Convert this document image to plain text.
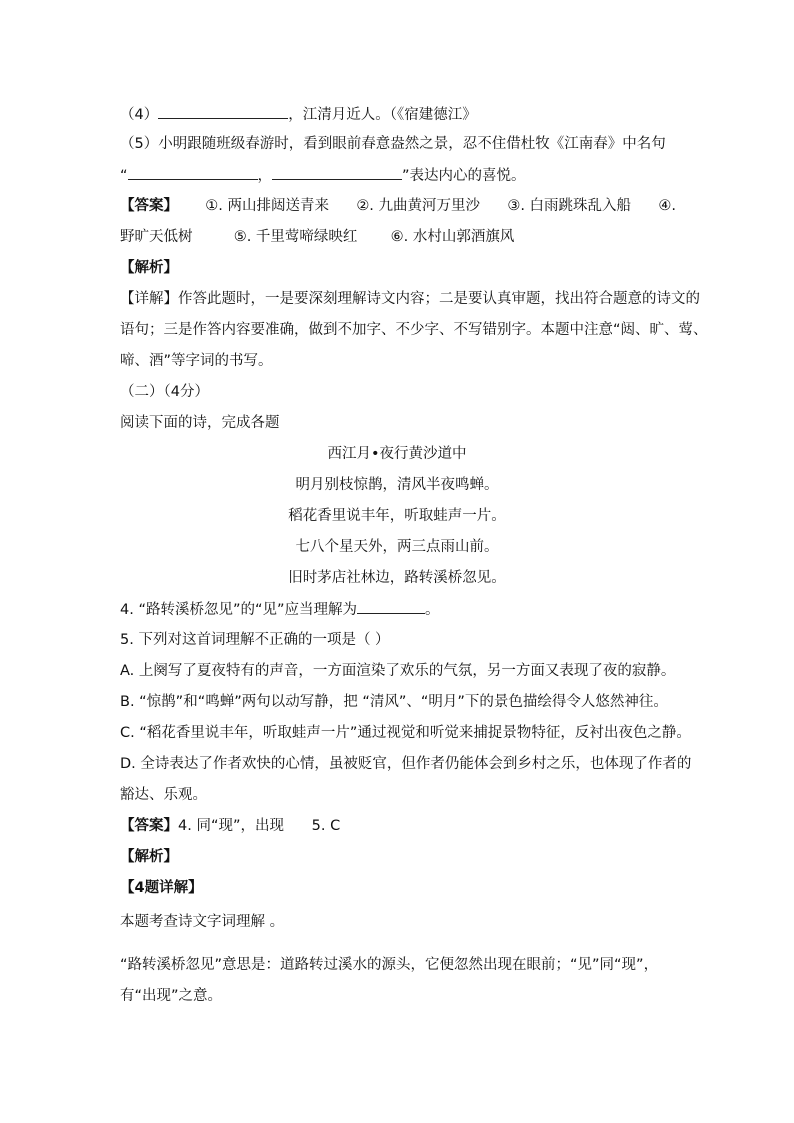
（4）	，江清月近人。（《宿建德江》
（5）小明跟随班级春游时，看到眼前春意盎然之景，忍不住借杜牧《江南春》中名句
“	，	”表达内心的喜悦。
【答案】 ①. 两山排闼送青来 ②. 九曲黄河万里沙 ③. 白雨跳珠乱入船 ④.
野旷天低树	⑤. 千里莺啼绿映红 ⑥. 水村山郭酒旗风
【解析】
【详解】作答此题时，一是要深刻理解诗文内容；二是要认真审题，找出符合题意的诗文的
语句；三是作答内容要准确，做到不加字、不少字、不写错别字。本题中注意“闼、旷、莺、
啼、酒”等字词的书写。
（二）（4分）
阅读下面的诗，完成各题
西江月•夜行黄沙道中
明月别枝惊鹊，清风半夜鸣蝉。
稻花香里说丰年，听取蛙声一片。
七八个星天外，两三点雨山前。
旧时茅店社林边，路转溪桥忽见。
4. “路转溪桥忽见”的“见”应当理解为	。
5. 下列对这首词理解不正确的一项是（ ）
A. 上阕写了夏夜特有的声音，一方面渲染了欢乐的气氛，另一方面又表现了夜的寂静。
B. “惊鹊”和“鸣蝉”两句以动写静，把 “清风”、“明月”下的景色描绘得令人悠然神往。
C. “稻花香里说丰年，听取蛙声一片”通过视觉和听觉来捕捉景物特征，反衬出夜色之静。
D. 全诗表达了作者欢快的心情，虽被贬官，但作者仍能体会到乡村之乐，也体现了作者的
豁达、乐观。
【答案】4. 同“现”，出现      5. C
【解析】
【4题详解】
本题考查诗文字词理解 。
“路转溪桥忽见”意思是：道路转过溪水的源头，它便忽然出现在眼前；“见”同“现”，
有“出现”之意。
